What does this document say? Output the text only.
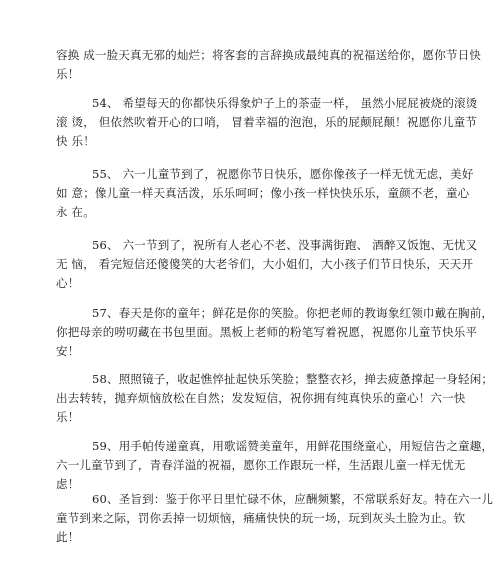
容换 成一脸天真无邪的灿烂；将客套的言辞换成最纯真的祝福送给你，愿你节日快
乐！

54、 希望每天的你都快乐得象炉子上的茶壶一样， 虽然小屁屁被烧的滚烫
滚 烫， 但依然吹着开心的口哨， 冒着幸福的泡泡，乐的屁颠屁颠！祝愿你儿童节
快 乐！

55、 六一儿童节到了，祝愿你节日快乐，愿你像孩子一样无忧无虑，美好
如 意；像儿童一样天真活泼，乐乐呵呵；像小孩一样快快乐乐，童颜不老，童心
永 在。

56、 六一节到了，祝所有人老心不老、没事满街跑、 酒醉又饭饱、无忧又
无 恼， 看完短信还傻傻笑的大老爷们，大小姐们，大小孩子们节日快乐，天天开
心！

57、春天是你的童年；鲜花是你的笑脸。你把老师的教诲象红领巾戴在胸前，
你把母亲的唠叨藏在书包里面。黑板上老师的粉笔写着祝愿，祝愿你儿童节快乐平
安！

58、照照镜子，收起憔悴扯起快乐笑脸；整整衣衫，掸去疲惫撑起一身轻闲；
出去转转，抛弃烦恼放松在自然；发发短信，祝你拥有纯真快乐的童心！六一快
乐！

59、用手帕传递童真，用歌谣赞美童年，用鲜花围绕童心，用短信告之童趣，
六一儿童节到了，青春洋溢的祝福，愿你工作跟玩一样，生活跟儿童一样无忧无
虑！

60、圣旨到：鉴于你平日里忙碌不休，应酬频繁，不常联系好友。特在六一儿
童节到来之际，罚你丢掉一切烦恼，痛痛快快的玩一场，玩到灰头土脸为止。钦
此！
